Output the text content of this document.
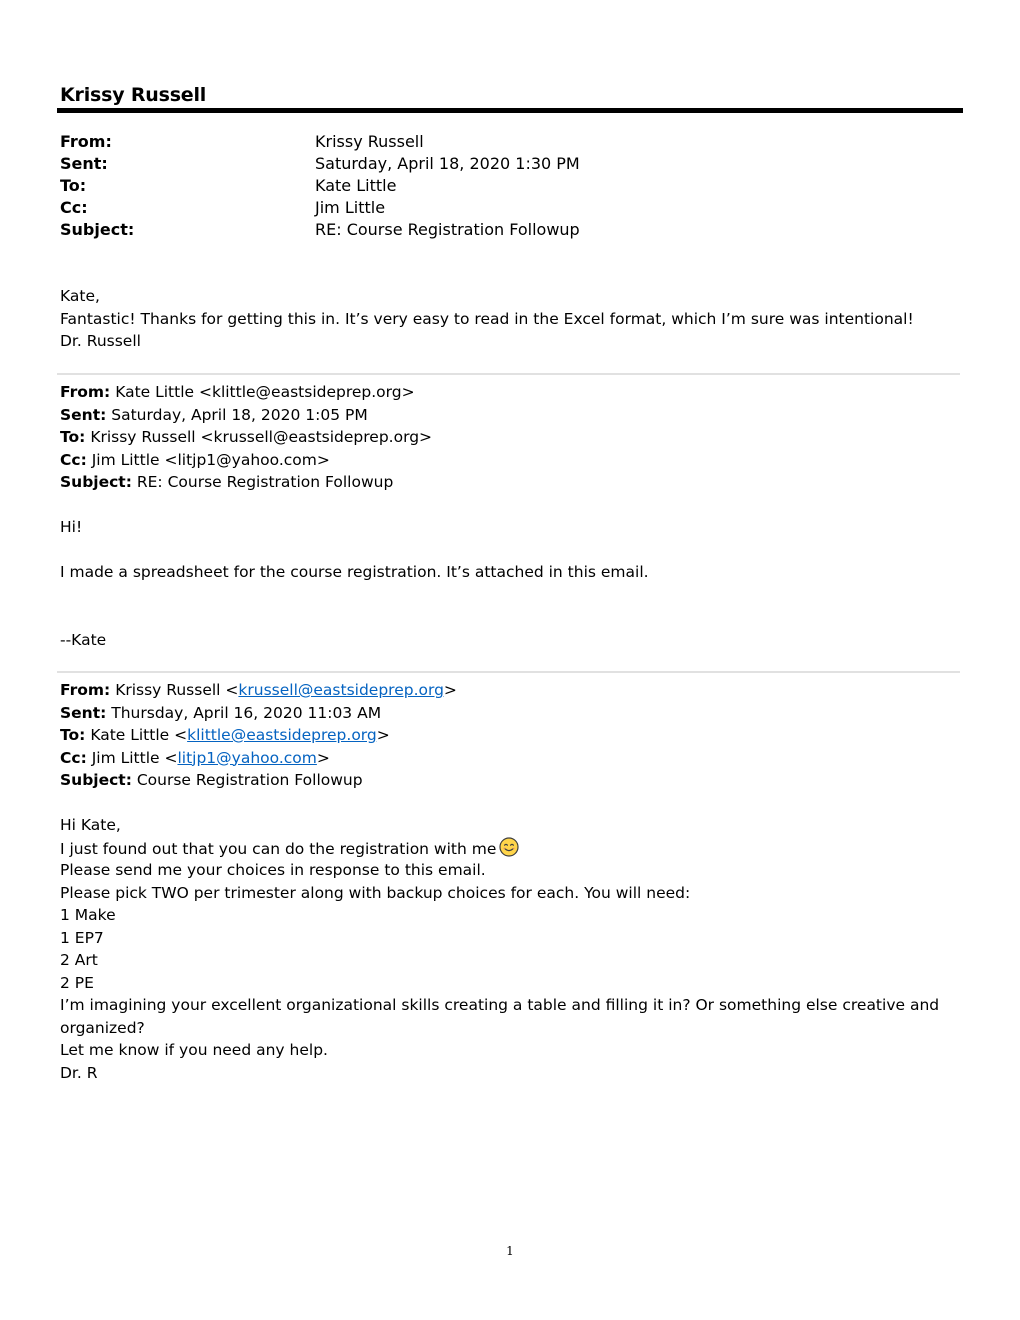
Krissy Russell
From:	Krissy Russell
Sent:	Saturday, April 18, 2020 1:30 PM
To:	Kate Little
Cc:	Jim Little
Subject:	RE: Course Registration Followup
Kate,
Fantastic! Thanks for getting this in. It’s very easy to read in the Excel format, which I’m sure was intentional!
Dr. Russell
From: Kate Little <klittle@eastsideprep.org>
Sent: Saturday, April 18, 2020 1:05 PM
To: Krissy Russell <krussell@eastsideprep.org>
Cc: Jim Little <litjp1@yahoo.com>
Subject: RE: Course Registration Followup
Hi!
I made a spreadsheet for the course registration. It’s attached in this email.
--Kate
From: Krissy Russell <krussell@eastsideprep.org>
Sent: Thursday, April 16, 2020 11:03 AM
To: Kate Little <klittle@eastsideprep.org>
Cc: Jim Little <litjp1@yahoo.com>
Subject: Course Registration Followup
Hi Kate,
I just found out that you can do the registration with me
Please send me your choices in response to this email.
Please pick TWO per trimester along with backup choices for each. You will need:
1 Make
1 EP7
2 Art
2 PE
I’m imagining your excellent organizational skills creating a table and filling it in? Or something else creative and
organized?
Let me know if you need any help.
Dr. R
1
